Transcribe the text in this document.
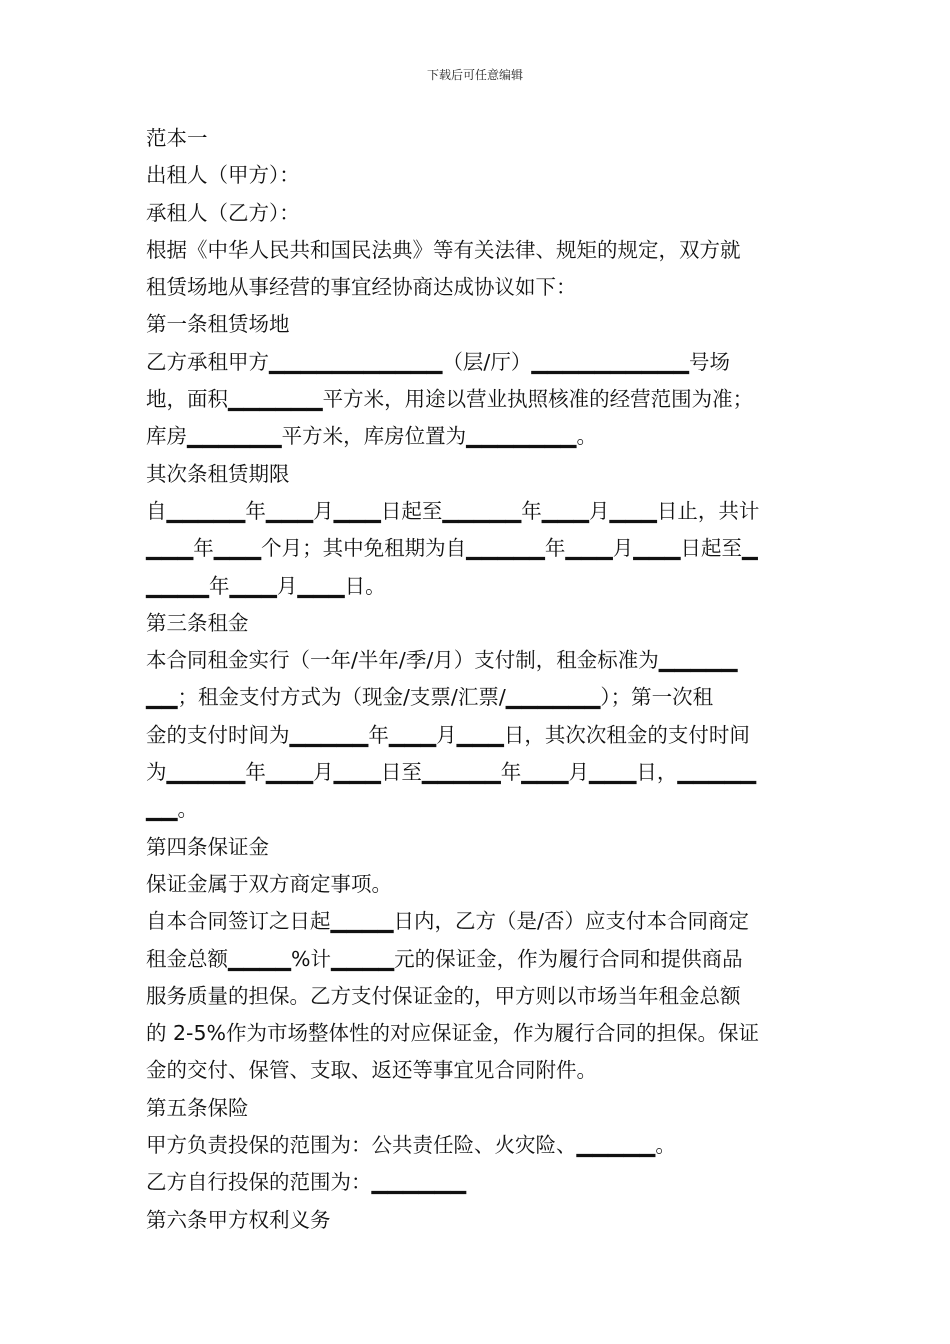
下载后可任意编辑
范本一
出租人（甲方）：
承租人（乙方）：
根据《中华人民共和国民法典》等有关法律、规矩的规定，双方就
租赁场地从事经营的事宜经协商达成协议如下：
第一条租赁场地
乙方承租甲方▁▁▁▁▁▁▁▁▁▁▁（层/厅）▁▁▁▁▁▁▁▁▁▁号场
地，面积▁▁▁▁▁▁平方米，用途以营业执照核准的经营范围为准；
库房▁▁▁▁▁▁平方米，库房位置为▁▁▁▁▁▁▁。
其次条租赁期限
自▁▁▁▁▁年▁▁▁月▁▁▁日起至▁▁▁▁▁年▁▁▁月▁▁▁日止，共计
▁▁▁年▁▁▁个月；其中免租期为自▁▁▁▁▁年▁▁▁月▁▁▁日起至▁
▁▁▁▁年▁▁▁月▁▁▁日。
第三条租金
本合同租金实行（一年/半年/季/月）支付制，租金标准为▁▁▁▁▁
▁▁；租金支付方式为（现金/支票/汇票/▁▁▁▁▁▁）；第一次租
金的支付时间为▁▁▁▁▁年▁▁▁月▁▁▁日，其次次租金的支付时间
为▁▁▁▁▁年▁▁▁月▁▁▁日至▁▁▁▁▁年▁▁▁月▁▁▁日，▁▁▁▁▁
▁▁。
第四条保证金
保证金属于双方商定事项。
自本合同签订之日起▁▁▁▁日内，乙方（是/否）应支付本合同商定
租金总额▁▁▁▁%计▁▁▁▁元的保证金，作为履行合同和提供商品
服务质量的担保。乙方支付保证金的，甲方则以市场当年租金总额
的 2-5%作为市场整体性的对应保证金，作为履行合同的担保。保证
金的交付、保管、支取、返还等事宜见合同附件。
第五条保险
甲方负责投保的范围为：公共责任险、火灾险、▁▁▁▁▁。
乙方自行投保的范围为：▁▁▁▁▁▁
第六条甲方权利义务
